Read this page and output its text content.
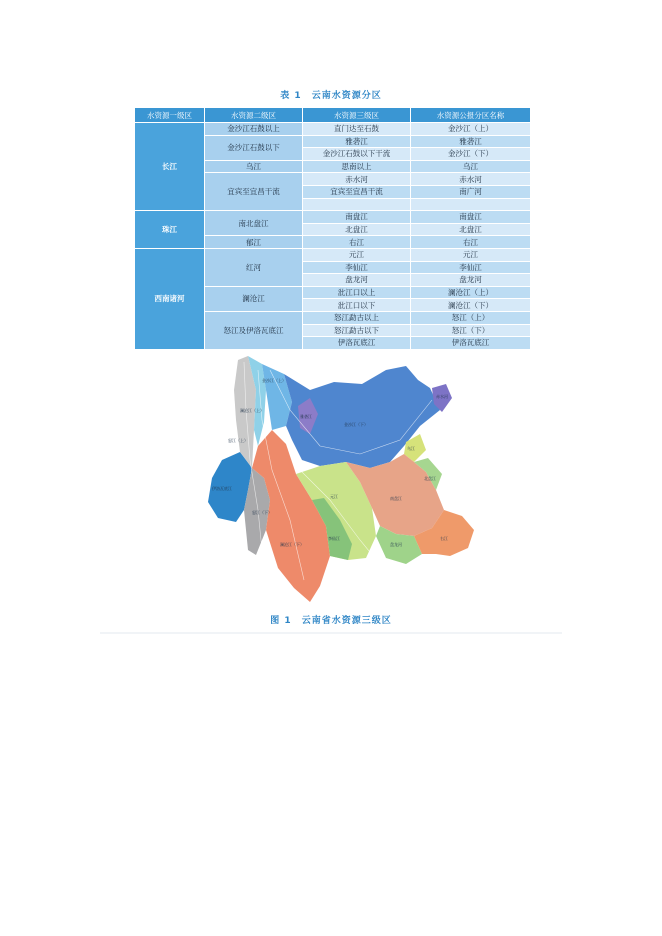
表 1　云南水资源分区
水资源一级区	水资源二级区	水资源三级区	水资源公报分区名称
长江	金沙江石鼓以上	直门达至石鼓	金沙江（上）
	金沙江石鼓以下	雅砻江	雅砻江
		金沙江石鼓以下干流	金沙江（下）
	乌江	思南以上	乌江
	宜宾至宜昌干流	赤水河	赤水河
		宜宾至宜昌干流	南广河

珠江	南北盘江	南盘江	南盘江
		北盘江	北盘江
	郁江	右江	右江
西南诸河	红河	元江	元江
		李仙江	李仙江
		盘龙河	盘龙河
	澜沧江	沘江口以上	澜沧江（上）
		沘江口以下	澜沧江（下）
	怒江及伊洛瓦底江	怒江勐古以上	怒江（上）
		怒江勐古以下	怒江（下）
		伊洛瓦底江	伊洛瓦底江
金沙江（上）
澜沧江（上）
怒江（上）
雅砻江
赤水河
金沙江（下）
伊洛瓦底江
怒江（下）
澜沧江（下）
元江
李仙江
盘龙河
南盘江
北盘江
右江
乌江
图 1　云南省水资源三级区
